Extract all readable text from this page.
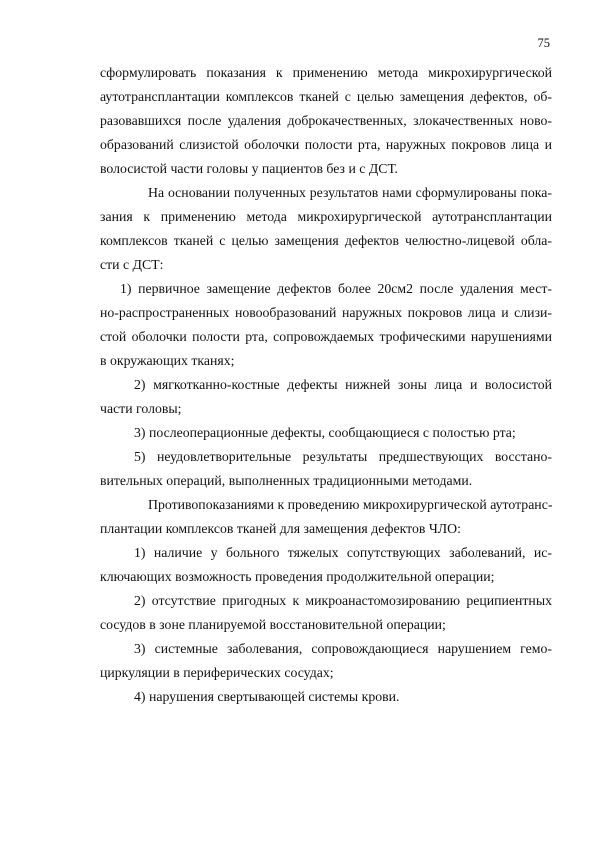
75
сформулировать показания к применению метода микрохирургической
аутотрансплантации комплексов тканей с целью замещения дефектов, об-
разовавшихся после удаления доброкачественных, злокачественных ново-
образований слизистой оболочки полости рта, наружных покровов лица и
волосистой части головы у пациентов без и с ДСТ.
На основании полученных результатов нами сформулированы пока-
зания к применению метода микрохирургической аутотрансплантации
комплексов тканей с целью замещения дефектов челюстно-лицевой обла-
сти с ДСТ:
1) первичное замещение дефектов более 20см2 после удаления мест-
но-распространенных новообразований наружных покровов лица и слизи-
стой оболочки полости рта, сопровождаемых трофическими нарушениями
в окружающих тканях;
2) мягкотканно-костные дефекты нижней зоны лица и волосистой
части головы;
3) послеоперационные дефекты, сообщающиеся с полостью рта;
5) неудовлетворительные результаты предшествующих восстано-
вительных операций, выполненных традиционными методами.
Противопоказаниями к проведению микрохирургической аутотранс-
плантации комплексов тканей для замещения дефектов ЧЛО:
1) наличие у больного тяжелых сопутствующих заболеваний, ис-
ключающих возможность проведения продолжительной операции;
2) отсутствие пригодных к микроанастомозированию реципиентных
сосудов в зоне планируемой восстановительной операции;
3) системные заболевания, сопровождающиеся нарушением гемо-
циркуляции в периферических сосудах;
4) нарушения свертывающей системы крови.
